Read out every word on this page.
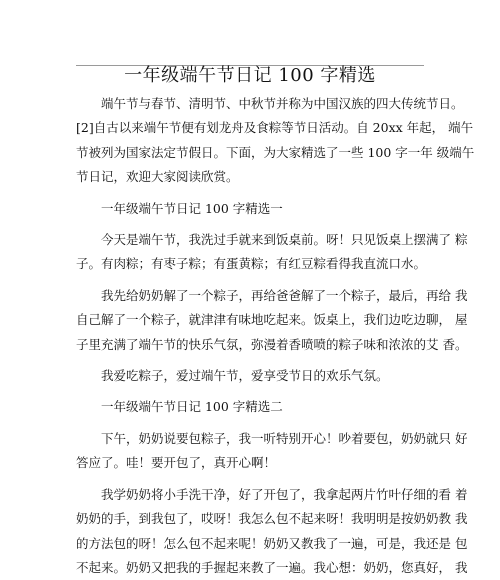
一年级端午节日记 100 字精选
端午节与春节、清明节、中秋节并称为中国汉族的四大传统节日。
[2]自古以来端午节便有划龙舟及食粽等节日活动。自 20xx 年起， 端午
节被列为国家法定节假日。下面，为大家精选了一些 100 字一年 级端午
节日记，欢迎大家阅读欣赏。
一年级端午节日记 100 字精选一
今天是端午节，我洗过手就来到饭桌前。呀！只见饭桌上摆满了 粽
子。有肉粽；有枣子粽；有蛋黄粽；有红豆粽看得我直流口水。
我先给奶奶解了一个粽子，再给爸爸解了一个粽子，最后，再给 我
自己解了一个粽子，就津津有味地吃起来。饭桌上，我们边吃边聊， 屋
子里充满了端午节的快乐气氛，弥漫着香喷喷的粽子味和浓浓的艾 香。
我爱吃粽子，爱过端午节，爱享受节日的欢乐气氛。
一年级端午节日记 100 字精选二
下午，奶奶说要包粽子，我一听特别开心！吵着要包，奶奶就只 好
答应了。哇！要开包了，真开心啊！
我学奶奶将小手洗干净，好了开包了，我拿起两片竹叶仔细的看 着
奶奶的手，到我包了，哎呀！我怎么包不起来呀！我明明是按奶奶教 我
的方法包的呀！怎么包不起来呢！奶奶又教我了一遍，可是，我还是 包
不起来。奶奶又把我的手握起来教了一遍。我心想：奶奶，您真好， 我
